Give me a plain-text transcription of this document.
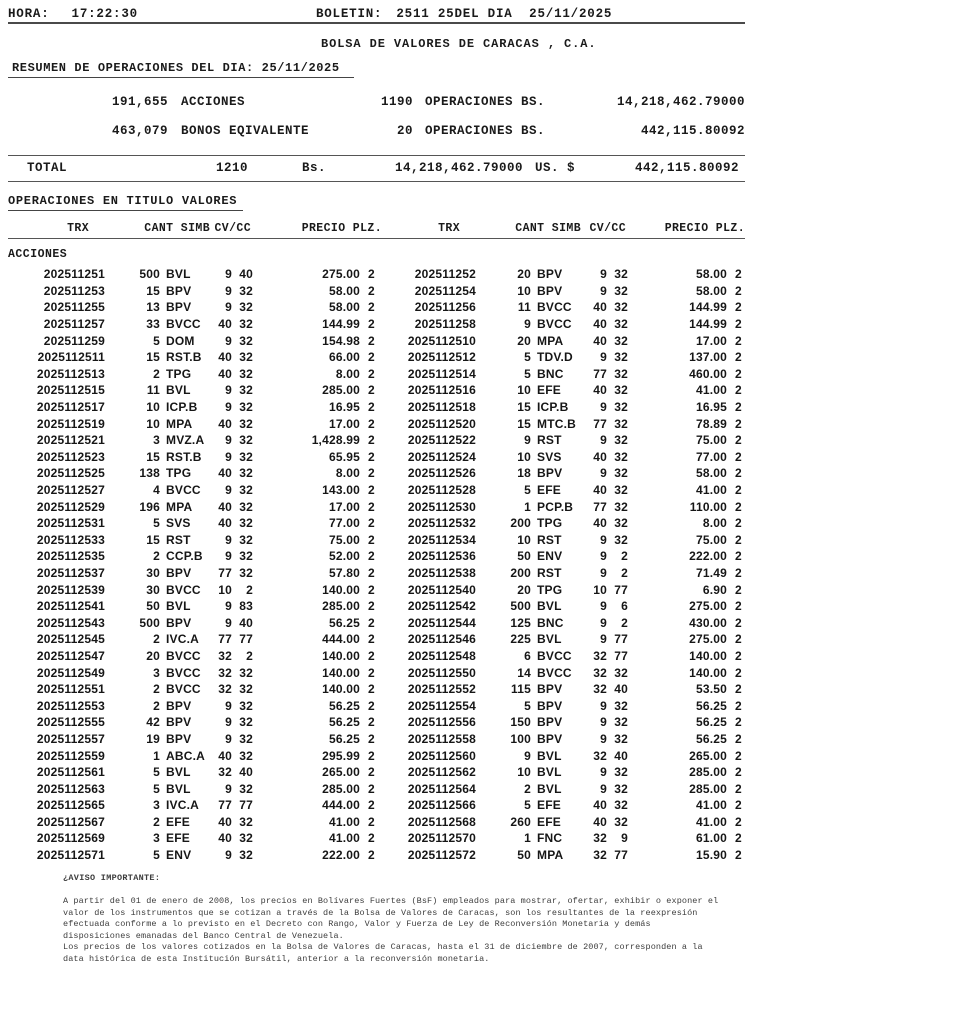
HORA: 17:22:30	BOLETIN: 2511 25DEL DIA  25/11/2025
BOLSA DE VALORES DE CARACAS , C.A.
RESUMEN DE OPERACIONES DEL DIA: 25/11/2025
191,655	ACCIONES	1190 OPERACIONES BS.	14,218,462.79000
463,079	BONOS EQIVALENTE	20 OPERACIONES BS.	442,115.80092
TOTAL	1210	Bs.	14,218,462.79000 US. $	442,115.80092
OPERACIONES EN TITULO VALORES
TRX	CANT SIMB CV/CC	PRECIO PLZ.	TRX	CANT SIMB CV/CC	PRECIO PLZ.
ACCIONES
202511251	500 BVL	9 40	275.00 2	202511252	20 BPV	9 32	58.00 2
202511253	15 BPV	9 32	58.00 2	202511254	10 BPV	9 32	58.00 2
202511255	13 BPV	9 32	58.00 2	202511256	11 BVCC	40 32	144.99 2
202511257	33 BVCC	40 32	144.99 2	202511258	9 BVCC	40 32	144.99 2
202511259	5 DOM	9 32	154.98 2	2025112510	20 MPA	40 32	17.00 2
2025112511	15 RST.B	40 32	66.00 2	2025112512	5 TDV.D	9 32	137.00 2
2025112513	2 TPG	40 32	8.00 2	2025112514	5 BNC	77 32	460.00 2
2025112515	11 BVL	9 32	285.00 2	2025112516	10 EFE	40 32	41.00 2
2025112517	10 ICP.B	9 32	16.95 2	2025112518	15 ICP.B	9 32	16.95 2
2025112519	10 MPA	40 32	17.00 2	2025112520	15 MTC.B	77 32	78.89 2
2025112521	3 MVZ.A	9 32	1,428.99 2	2025112522	9 RST	9 32	75.00 2
2025112523	15 RST.B	9 32	65.95 2	2025112524	10 SVS	40 32	77.00 2
2025112525	138 TPG	40 32	8.00 2	2025112526	18 BPV	9 32	58.00 2
2025112527	4 BVCC	9 32	143.00 2	2025112528	5 EFE	40 32	41.00 2
2025112529	196 MPA	40 32	17.00 2	2025112530	1 PCP.B	77 32	110.00 2
2025112531	5 SVS	40 32	77.00 2	2025112532	200 TPG	40 32	8.00 2
2025112533	15 RST	9 32	75.00 2	2025112534	10 RST	9 32	75.00 2
2025112535	2 CCP.B	9 32	52.00 2	2025112536	50 ENV	9	2	222.00 2
2025112537	30 BPV	77 32	57.80 2	2025112538	200 RST	9	2	71.49 2
2025112539	30 BVCC	10	2	140.00 2	2025112540	20 TPG	10 77	6.90 2
2025112541	50 BVL	9 83	285.00 2	2025112542	500 BVL	9	6	275.00 2
2025112543	500 BPV	9 40	56.25 2	2025112544	125 BNC	9	2	430.00 2
2025112545	2 IVC.A	77 77	444.00 2	2025112546	225 BVL	9 77	275.00 2
2025112547	20 BVCC	32	2	140.00 2	2025112548	6 BVCC	32 77	140.00 2
2025112549	3 BVCC	32 32	140.00 2	2025112550	14 BVCC	32 32	140.00 2
2025112551	2 BVCC	32 32	140.00 2	2025112552	115 BPV	32 40	53.50 2
2025112553	2 BPV	9 32	56.25 2	2025112554	5 BPV	9 32	56.25 2
2025112555	42 BPV	9 32	56.25 2	2025112556	150 BPV	9 32	56.25 2
2025112557	19 BPV	9 32	56.25 2	2025112558	100 BPV	9 32	56.25 2
2025112559	1 ABC.A	40 32	295.99 2	2025112560	9 BVL	32 40	265.00 2
2025112561	5 BVL	32 40	265.00 2	2025112562	10 BVL	9 32	285.00 2
2025112563	5 BVL	9 32	285.00 2	2025112564	2 BVL	9 32	285.00 2
2025112565	3 IVC.A	77 77	444.00 2	2025112566	5 EFE	40 32	41.00 2
2025112567	2 EFE	40 32	41.00 2	2025112568	260 EFE	40 32	41.00 2
2025112569	3 EFE	40 32	41.00 2	2025112570	1 FNC	32	9	61.00 2
2025112571	5 ENV	9 32	222.00 2	2025112572	50 MPA	32 77	15.90 2
¿AVISO IMPORTANTE:
A partir del 01 de enero de 2008, los precios en Bolívares Fuertes (BsF) empleados para mostrar, ofertar, exhibir o exponer el valor de los instrumentos que se cotizan a través de la Bolsa de Valores de Caracas, son los resultantes de la reexpresión efectuada conforme a lo previsto en el Decreto con Rango, Valor y Fuerza de Ley de Reconversión Monetaria y demás disposiciones emanadas del Banco Central de Venezuela.
Los precios de los valores cotizados en la Bolsa de Valores de Caracas, hasta el 31 de diciembre de 2007, corresponden a la data histórica de esta Institución Bursátil, anterior a la reconversión monetaria.
